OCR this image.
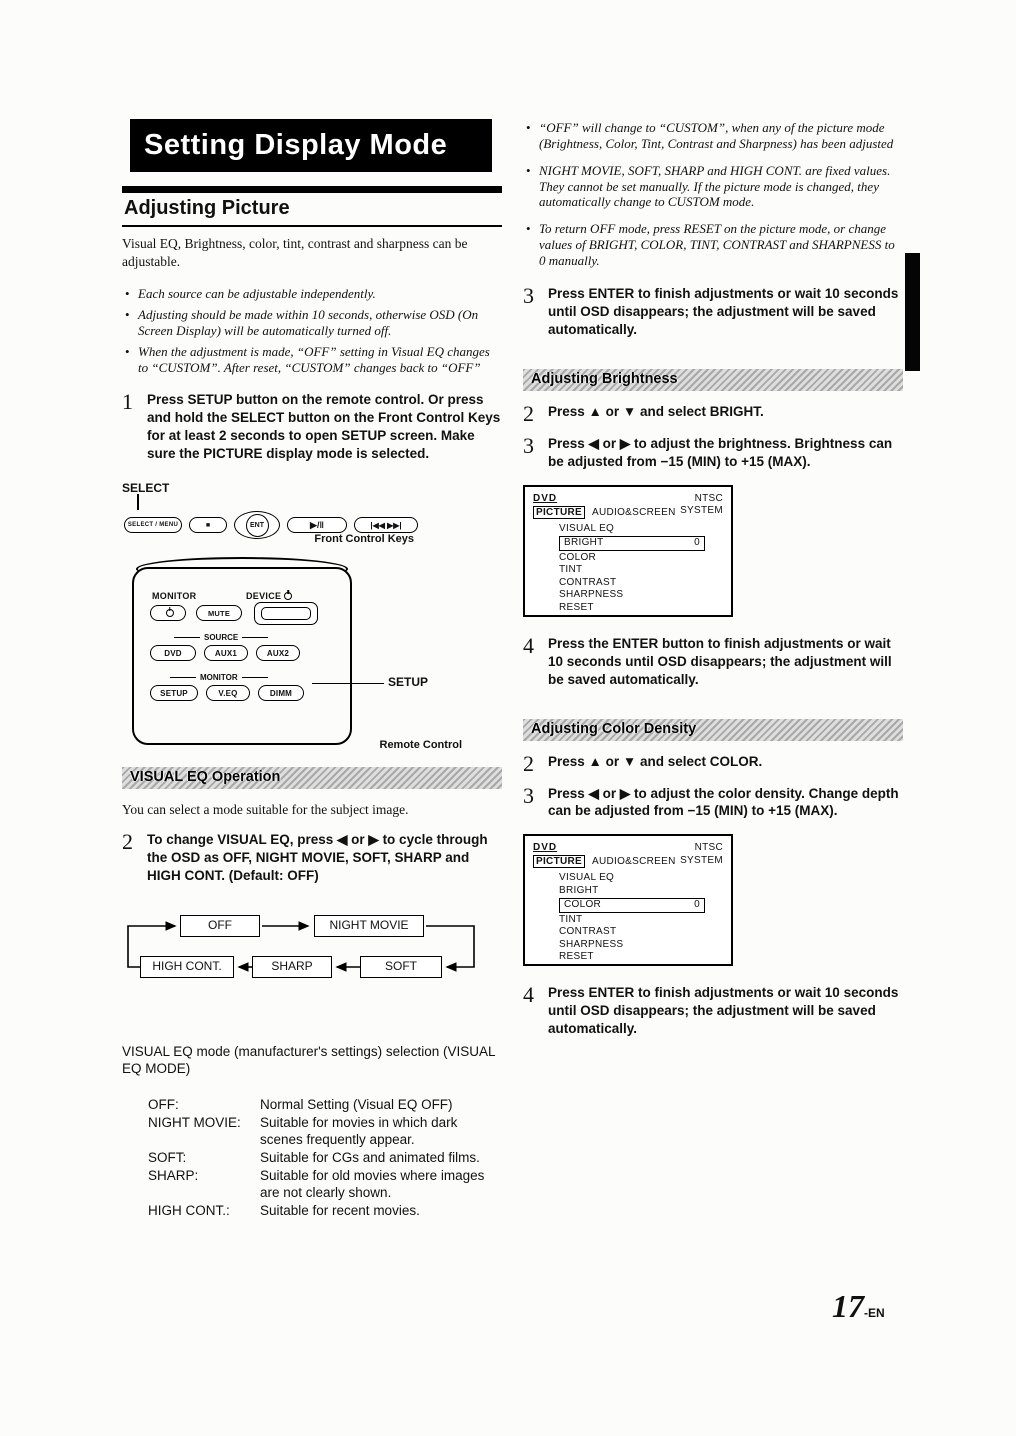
Setting Display Mode
Adjusting Picture

Visual EQ, Brightness, color, tint, contrast and sharpness can be adjustable.

• Each source can be adjustable independently.
• Adjusting should be made within 10 seconds, otherwise OSD (On Screen Display) will be automatically turned off.
• When the adjustment is made, “OFF” setting in Visual EQ changes to “CUSTOM”. After reset, “CUSTOM” changes back to “OFF”
1 Press SETUP button on the remote control. Or press and hold the SELECT button on the Front Control Keys for at least 2 seconds to open SETUP screen. Make sure the PICTURE display mode is selected.
SELECT
SELECT / MENU	■	ENT	▶/‖	|◀◀ ▶▶|
Front Control Keys
MONITOR	DEVICE
MUTE
SOURCE
DVD	AUX1	AUX2
MONITOR
SETUP	V.EQ	DIMM
SETUP
Remote Control
VISUAL EQ Operation

You can select a mode suitable for the subject image.

2 To change VISUAL EQ, press ◀ or ▶ to cycle through the OSD as OFF, NIGHT MOVIE, SOFT, SHARP and HIGH CONT. (Default: OFF)
OFF	NIGHT MOVIE
SOFT
SHARP
HIGH CONT.

VISUAL EQ mode (manufacturer's settings) selection (VISUAL EQ MODE)

OFF:	Normal Setting (Visual EQ OFF)
NIGHT MOVIE:	Suitable for movies in which dark scenes frequently appear.
SOFT:	Suitable for CGs and animated films.
SHARP:	Suitable for old movies where images are not clearly shown.
HIGH CONT.:	Suitable for recent movies.
• “OFF” will change to “CUSTOM”, when any of the picture mode (Brightness, Color, Tint, Contrast and Sharpness) has been adjusted
• NIGHT MOVIE, SOFT, SHARP and HIGH CONT. are fixed values. They cannot be set manually. If the picture mode is changed, they automatically change to CUSTOM mode.
• To return OFF mode, press RESET on the picture mode, or change values of BRIGHT, COLOR, TINT, CONTRAST and SHARPNESS to 0 manually.
3 Press ENTER to finish adjustments or wait 10 seconds until OSD disappears; the adjustment will be saved automatically.
Adjusting Brightness
2 Press ▲ or ▼ and select BRIGHT.
3 Press ◀ or ▶ to adjust the brightness. Brightness can be adjusted from −15 (MIN) to +15 (MAX).
DVD
PICTURE	AUDIO&SCREEN
NTSC
SYSTEM
VISUAL EQ
BRIGHT	0
COLOR
TINT
CONTRAST
SHARPNESS
RESET
4 Press the ENTER button to finish adjustments or wait 10 seconds until OSD disappears; the adjustment will be saved automatically.
Adjusting Color Density
2 Press ▲ or ▼ and select COLOR.
3 Press ◀ or ▶ to adjust the color density. Change depth can be adjusted from −15 (MIN) to +15 (MAX).
DVD
PICTURE	AUDIO&SCREEN
NTSC
SYSTEM
VISUAL EQ
BRIGHT
COLOR	0
TINT
CONTRAST
SHARPNESS
RESET
4 Press ENTER to finish adjustments or wait 10 seconds until OSD disappears; the adjustment will be saved automatically.
17-EN
